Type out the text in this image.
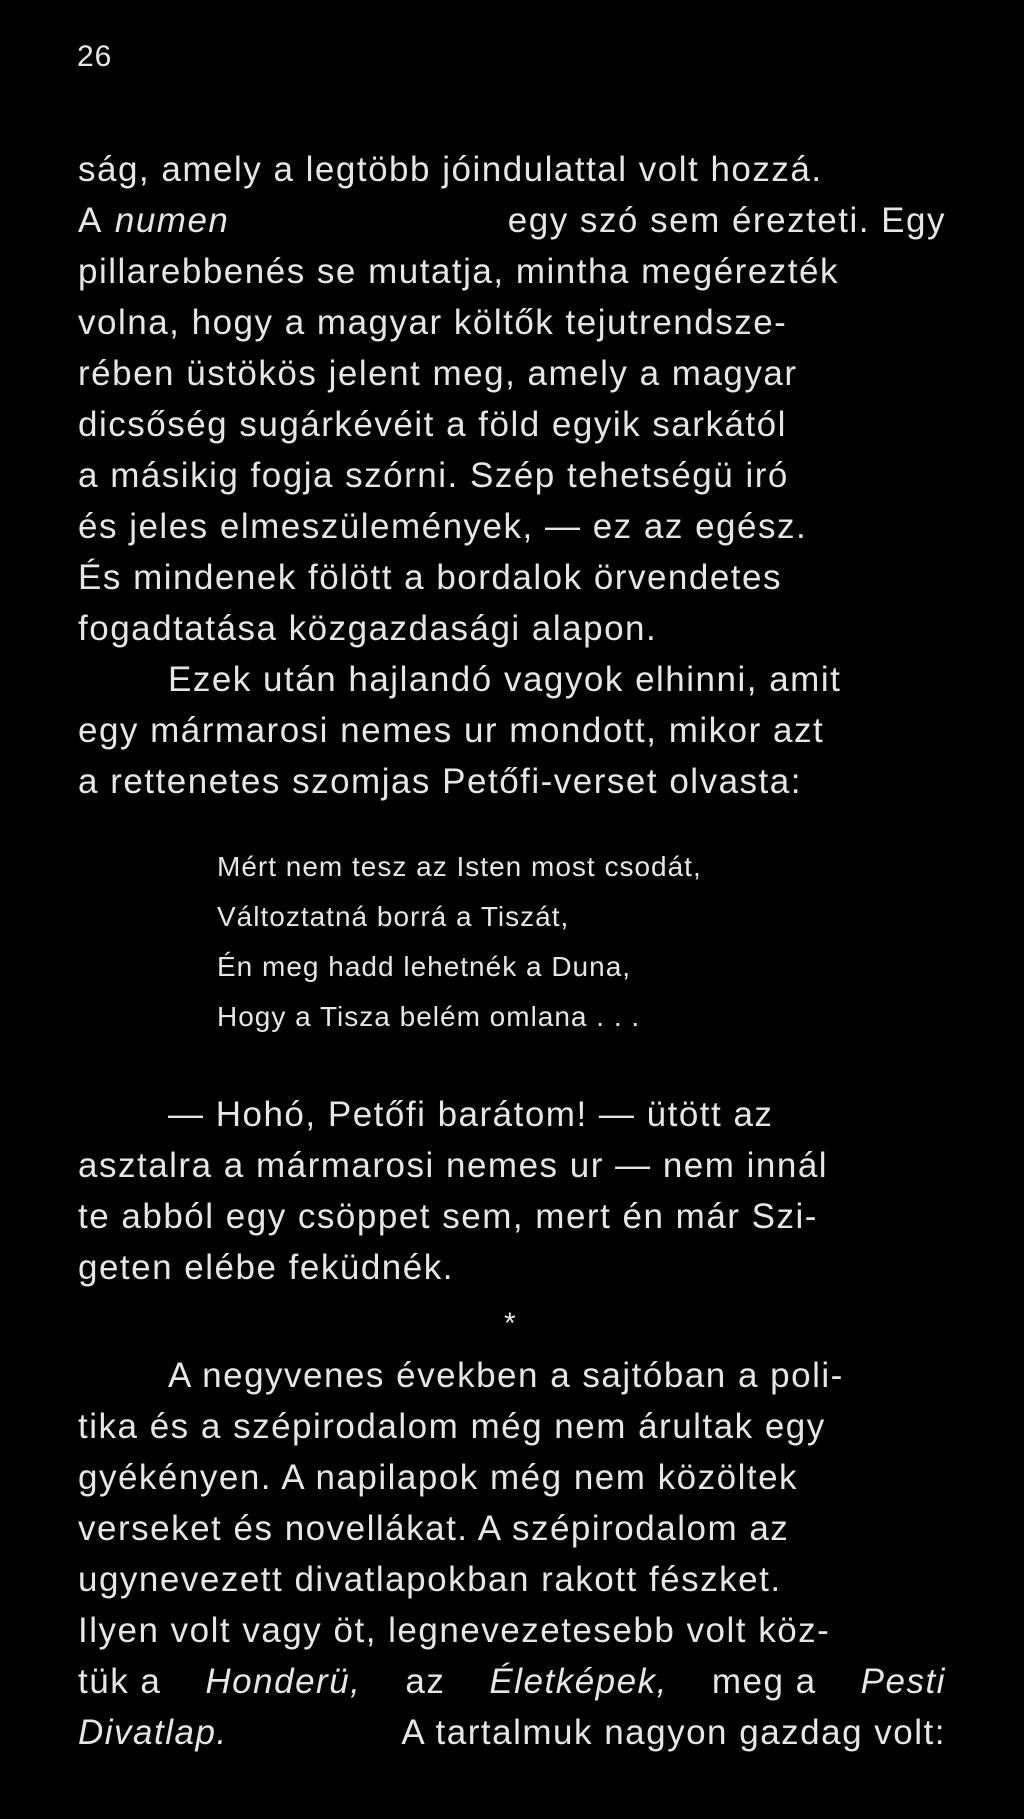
26
ság, amely a legtöbb jóindulattal volt hozzá.
A numen	egy szó sem érezteti. Egy
pillarebbenés se mutatja, mintha megérezték
volna, hogy a magyar költők tejutrendsze-
rében üstökös jelent meg, amely a magyar
dicsőség sugárkévéit a föld egyik sarkától
a másikig fogja szórni. Szép tehetségü iró
és jeles elmeszülemények, — ez az egész.
És mindenek fölött a bordalok örvendetes
fogadtatása közgazdasági alapon.
Ezek után hajlandó vagyok elhinni, amit
egy mármarosi nemes ur mondott, mikor azt
a rettenetes szomjas Petőfi-verset olvasta:
Mért nem tesz az Isten most csodát,
Változtatná borrá a Tiszát,
Én meg hadd lehetnék a Duna,
Hogy a Tisza belém omlana . . .
— Hohó, Petőfi barátom! — ütött az
asztalra a mármarosi nemes ur — nem innál
te abból egy csöppet sem, mert én már Szi-
geten elébe feküdnék.
*
A negyvenes években a sajtóban a poli-
tika és a szépirodalom még nem árultak egy
gyékényen. A napilapok még nem közöltek
verseket és novellákat. A szépirodalom az
ugynevezett divatlapokban rakott fészket.
Ilyen volt vagy öt, legnevezetesebb volt köz-
tük a Honderü, az Életképek, meg a Pesti
Divatlap.	A tartalmuk nagyon gazdag volt:
